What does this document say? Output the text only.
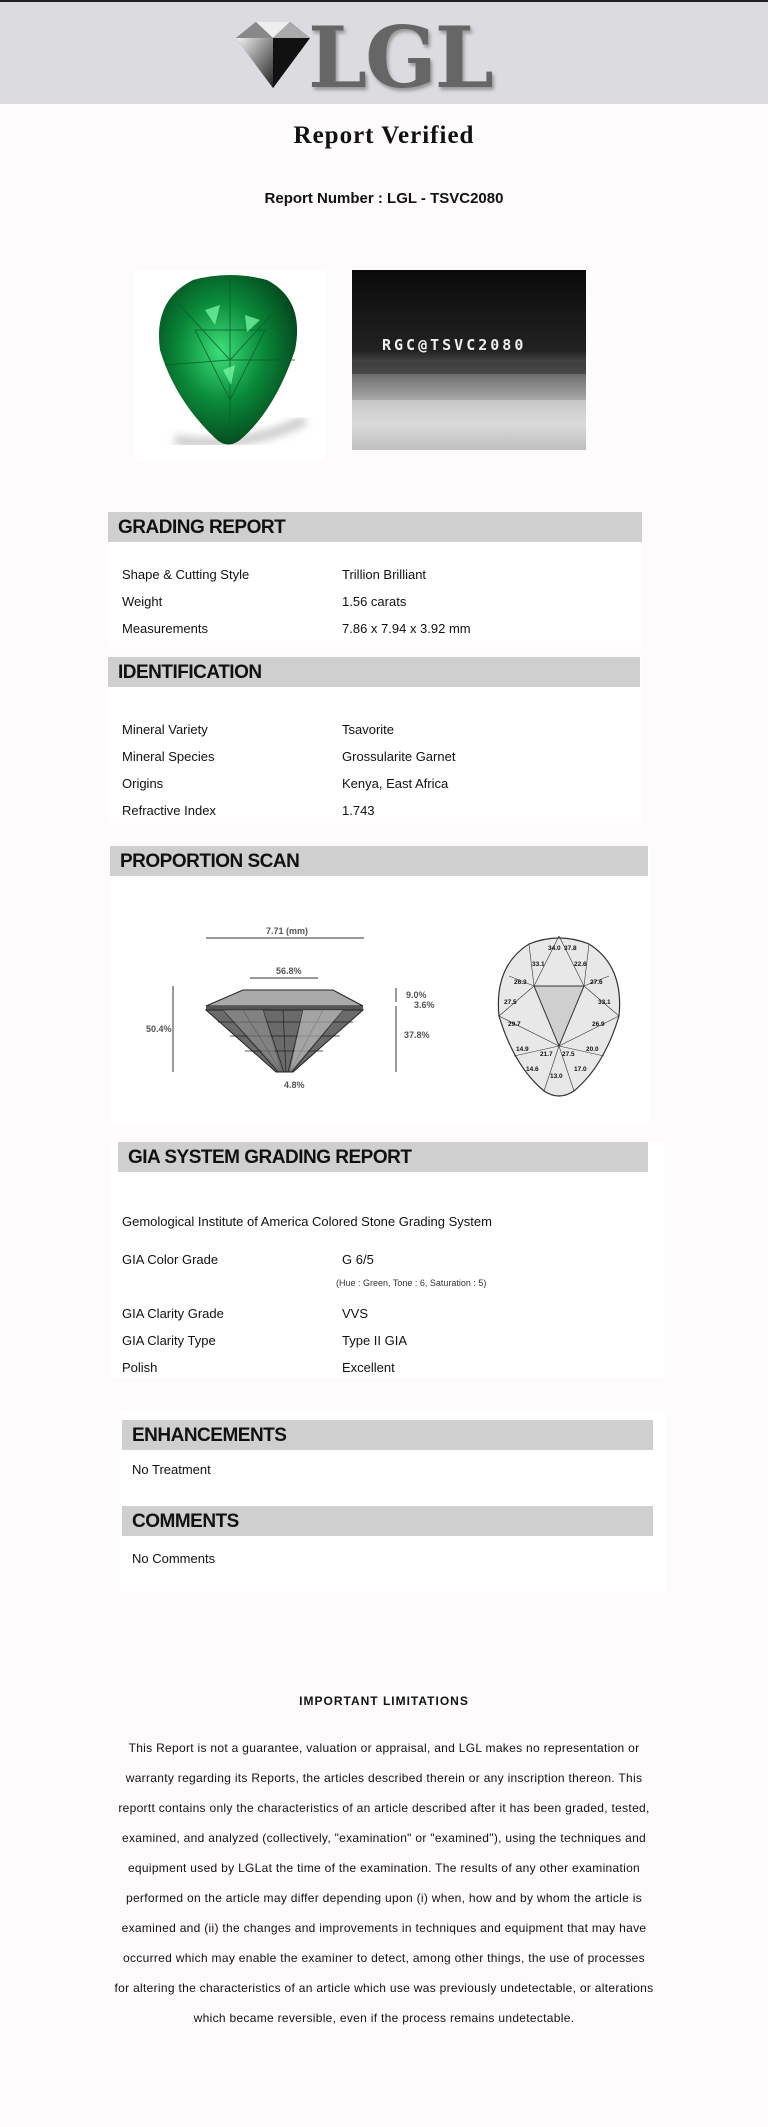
LGL
Report Verified
Report Number : LGL - TSVC2080
RGC@TSVC2080
GRADING REPORT
Shape & Cutting Style	Trillion Brilliant
Weight	1.56 carats
Measurements	7.86 x 7.94 x 3.92 mm
IDENTIFICATION
Mineral Variety	Tsavorite
Mineral Species	Grossularite Garnet
Origins	Kenya, East Africa
Refractive Index	1.743
PROPORTION SCAN
7.71 (mm)
56.8%
50.4%
9.0%
3.6%
37.8%
4.8%
34.0 37.8
33.1	22.6
26.3	27.6
27.5	33.1
29.7	26.9
14.9
21.7 27.5
20.0
14.6
13.0
17.0
GIA SYSTEM GRADING REPORT
Gemological Institute of America Colored Stone Grading System
GIA Color Grade	G 6/5
(Hue : Green, Tone : 6, Saturation : 5)
GIA Clarity Grade	VVS
GIA Clarity Type	Type II GIA
Polish	Excellent
ENHANCEMENTS
No Treatment
COMMENTS
No Comments
IMPORTANT LIMITATIONS
This Report is not a guarantee, valuation or appraisal, and LGL makes no representation or warranty regarding its Reports, the articles described therein or any inscription thereon. This reportt contains only the characteristics of an article described after it has been graded, tested, examined, and analyzed (collectively, "examination" or "examined"), using the techniques and equipment used by LGLat the time of the examination. The results of any other examination performed on the article may differ depending upon (i) when, how and by whom the article is examined and (ii) the changes and improvements in techniques and equipment that may have occurred which may enable the examiner to detect, among other things, the use of processes for altering the characteristics of an article which use was previously undetectable, or alterations which became reversible, even if the process remains undetectable.
